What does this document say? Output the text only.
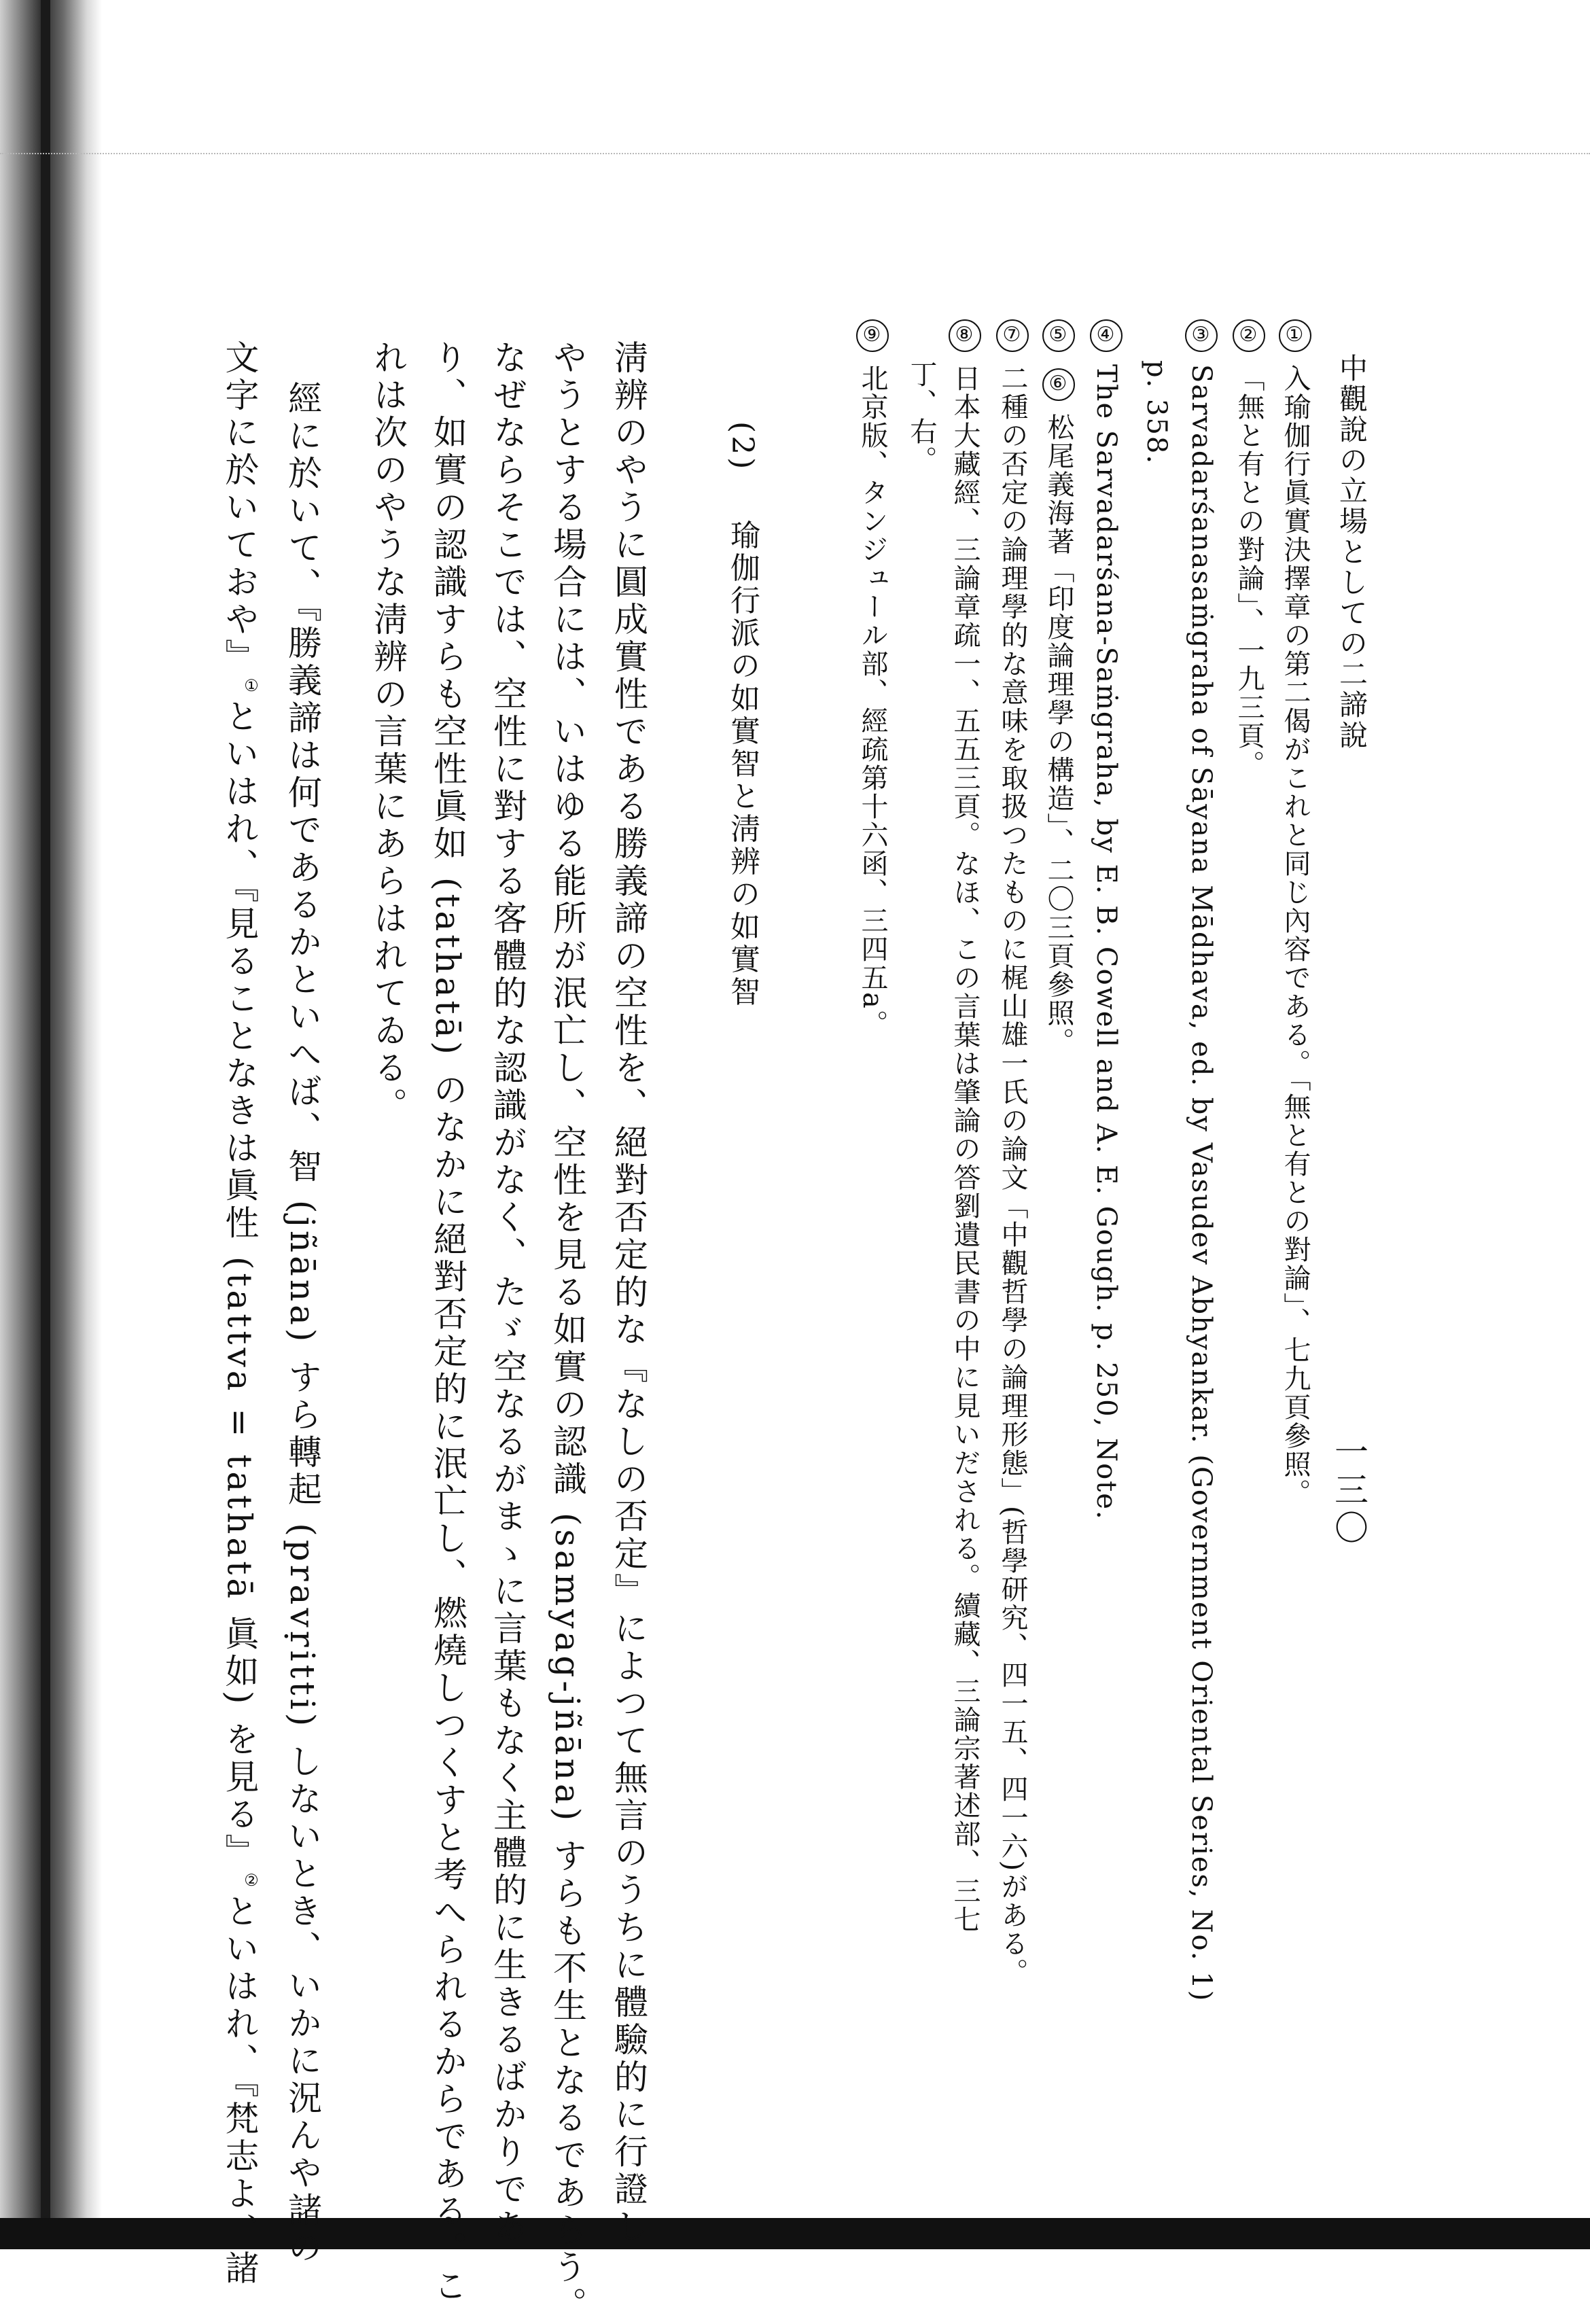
中觀說の立場としての二諦說
一三〇
①入瑜伽行眞實決擇章の第二偈がこれと同じ內容である。「無と有との對論」、七九頁參照。
②「無と有との對論」、一九三頁。
③Sarvadarśanasaṁgraha of Sāyana Mādhava, ed. by Vasudev Abhyankar. (Government Oriental Series, No. 1)
p. 358.
④The Sarvadarśana-Saṁgraha, by E. B. Cowell and A. E. Gough. p. 250, Note.
⑤⑥松尾義海著「印度論理學の構造」、二〇三頁參照。
⑦二種の否定の論理學的な意味を取扱つたものに梶山雄一氏の論文「中觀哲學の論理形態」(哲學研究、四一五、四一六)がある。
⑧日本大藏經、三論章疏一、五五三頁。なほ、この言葉は肇論の答劉遺民書の中に見いだされる。續藏、三論宗著述部、三七
丁、右。
⑨北京版、タンジュール部、經疏第十六函、三四五a。
(2)瑜伽行派の如實智と淸辨の如實智
淸辨のやうに圓成實性である勝義諦の空性を、絕對否定的な『なしの否定』によつて無言のうちに體驗的に行證し
やうとする場合には、いはゆる能所が泯亡し、空性を見る如實の認識 (samyag-jñāna) すらも不生となるであらう。
なぜならそこでは、空性に對する客體的な認識がなく、たゞ空なるがまゝに言葉もなく主體的に生きるばかりであ
り、如實の認識すらも空性眞如 (tathatā) のなかに絕對否定的に泯亡し、燃燒しつくすと考へられるからである。こ
れは次のやうな淸辨の言葉にあらはれてゐる。
經に於いて、『勝義諦は何であるかといへば、智 (jñāna) すら轉起 (pravṛitti) しないとき、いかに況んや諸の
文字に於いておや』①といはれ、『見ることなきは眞性 (tattva = tathatā 眞如) を見る』②といはれ、『梵志よ、諸
